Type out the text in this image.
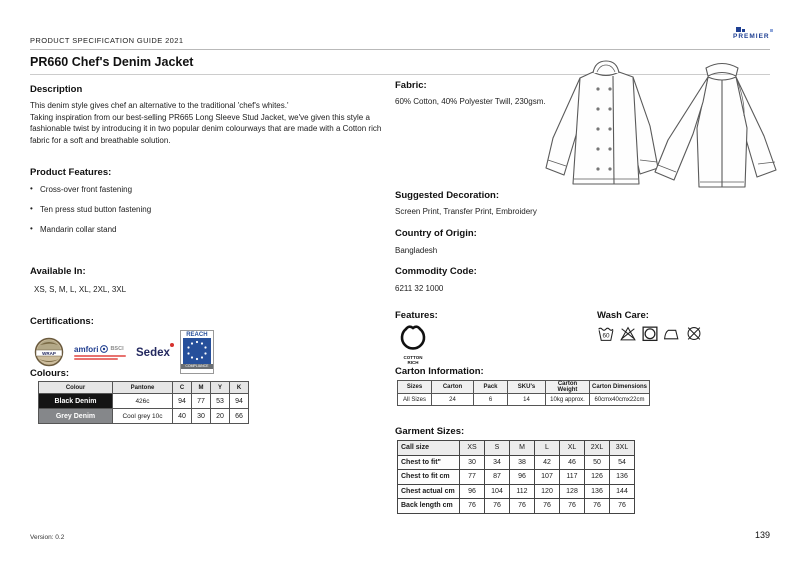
PRODUCT SPECIFICATION GUIDE 2021	PREMIER
PR660 Chef's Denim Jacket
Description
This denim style gives chef an alternative to the traditional 'chef's whites.'
Taking inspiration from our best-selling PR665 Long Sleeve Stud Jacket, we've given this style a fashionable twist by introducing it in two popular denim colourways that are made with a Cotton rich fabric for a soft and breathable solution.
Product Features:
• Cross-over front fastening
• Ten press stud button fastening
• Mandarin collar stand
Available In:
XS, S, M, L, XL, 2XL, 3XL
Certifications:
WRAP amfori BSCI Sedex
REACH
COMPLIANCE
Colours:
Colour	Pantone	C	M	Y	K
Black Denim	426c	94	77	53	94
Grey Denim	Cool grey 10c	40	30	20	66
Fabric:
60% Cotton, 40% Polyester Twill, 230gsm.
Suggested Decoration:
Screen Print, Transfer Print, Embroidery
Country of Origin:
Bangladesh
Commodity Code:
6211 32 1000
Features:
COTTON
RICH
Wash Care:
60
Carton Information:
Sizes	Carton	Pack	SKU's	Carton Weight	Carton Dimensions
All Sizes	24	6	14	10kg approx.	60cmx40cmx22cm
Garment Sizes:
Call size	XS	S	M	L	XL	2XL	3XL
Chest to fit"	30	34	38	42	46	50	54
Chest to fit cm	77	87	96	107	117	126	136
Chest actual cm	96	104	112	120	128	136	144
Back length cm	76	76	76	76	76	76	76
Version: 0.2	139
